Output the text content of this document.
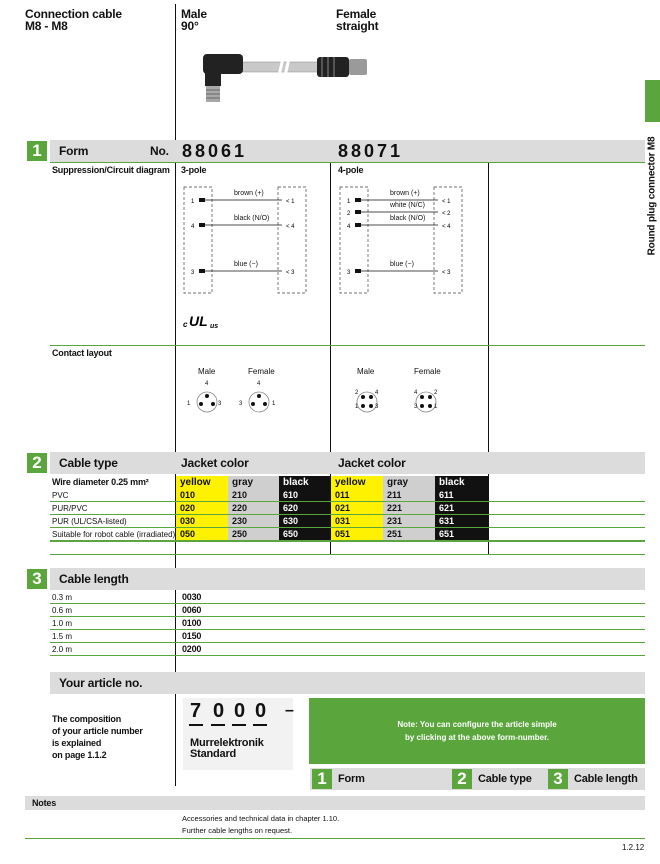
Connection cable
M8 - M8
Male
90°
Female
straight
Round plug connector M8
1	Form	No. 88061	88071
Suppression/Circuit diagram 3-pole	4-pole
1
4
3
< 1
< 4
< 3
brown (+)
black (N/O)
blue (−)
1
2
4
3
< 1
< 2
< 4
< 3
brown (+)
white (N/C)
black (N/O)
blue (−)
c UL us
Contact layout
Male	Female
4
1	3
4
3	1
Male	Female
2	4
1	3
4	2
3	1
2	Cable type	Jacket color	Jacket color
Wire diameter 0.25 mm²	yellow	gray	black	yellow	gray	black
PVC	010	210	610	011	211	611
PUR/PVC	020	220	620	021	221	621
PUR (UL/CSA-listed)	030	230	630	031	231	631
Suitable for robot cable (irradiated) 050	250	650	051	251	651
3	Cable length
0.3 m	0030
0.6 m	0060
1.0 m	0100
1.5 m	0150
2.0 m	0200
Your article no.
The composition
of your article number
is explained
on page 1.1.2
7 0 0 0 –
Murrelektronik
Standard
Note: You can configure the article simple
by clicking at the above form-number.
1	Form	2	Cable type	3	Cable length
Notes
Accessories and technical data in chapter 1.10.
Further cable lengths on request.
1.2.12
